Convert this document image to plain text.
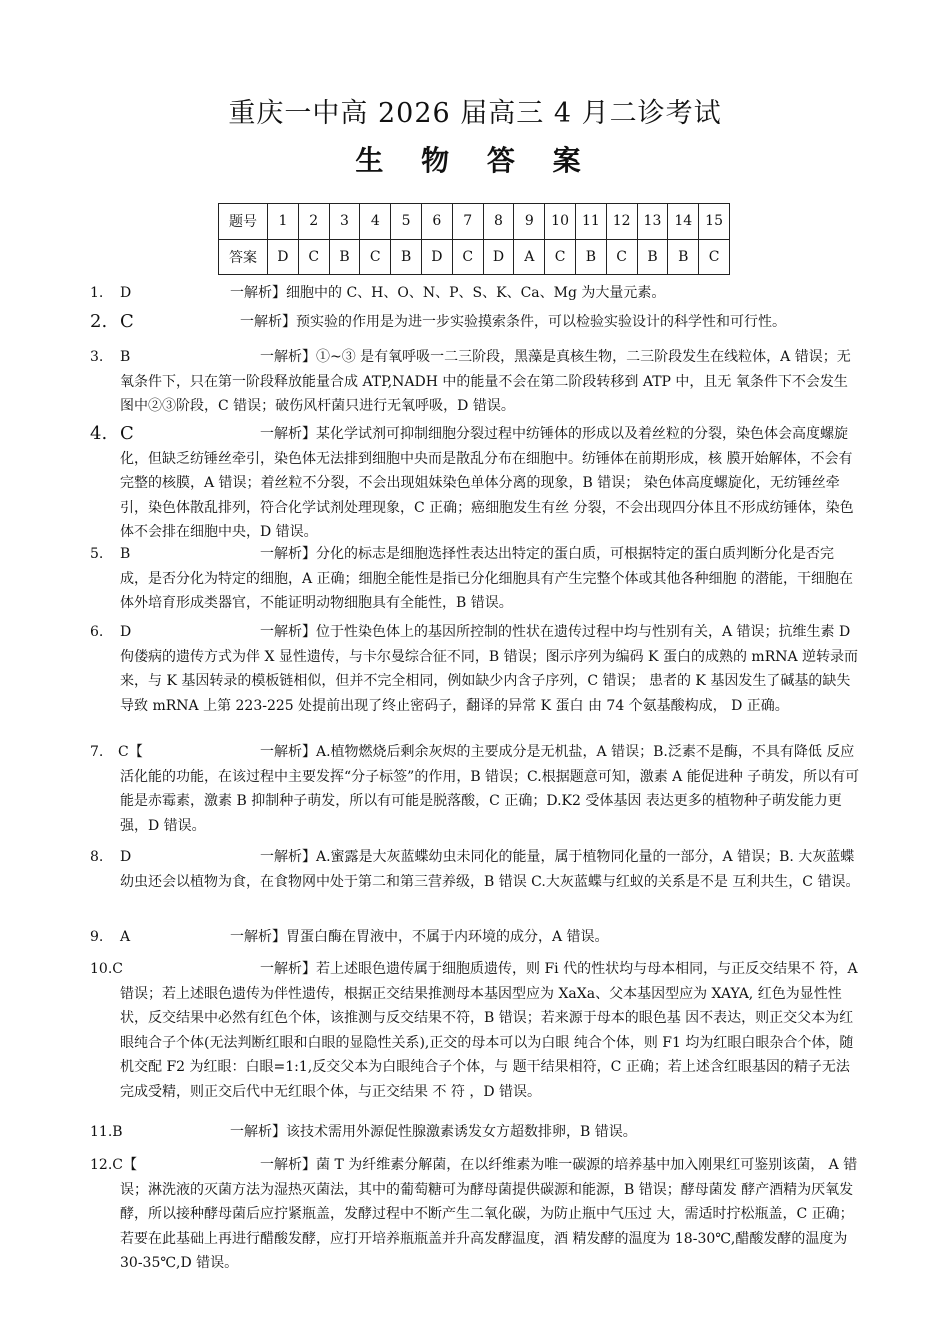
重庆一中高 2026 届高三 4 月二诊考试
生 物 答 案
题号	1	2	3	4	5	6	7	8	9	10	11	12	13	14	15
答案	D	C	B	C	B	D	C	D	A	C	B	C	B	B	C
1. D	一解析】细胞中的 C、H、O、N、P、S、K、Ca、Mg 为大量元素。
2. C	一解析】预实验的作用是为进一步实验摸索条件，可以检验实验设计的科学性和可行性。
3. B	一解析】①~③ 是有氧呼吸一二三阶段，黑藻是真核生物，二三阶段发生在线粒体，A 错误；无氧条件下，只在第一阶段释放能量合成 ATP,NADH 中的能量不会在第二阶段转移到 ATP 中，且无 氧条件下不会发生图中②③阶段，C 错误；破伤风杆菌只进行无氧呼吸，D 错误。
4. C	一解析】某化学试剂可抑制细胞分裂过程中纺锤体的形成以及着丝粒的分裂，染色体会高度螺旋化，但缺乏纺锤丝牵引，染色体无法排到细胞中央而是散乱分布在细胞中。纺锤体在前期形成，核 膜开始解体，不会有完整的核膜，A 错误；着丝粒不分裂，不会出现姐妹染色单体分离的现象，B 错误； 染色体高度螺旋化，无纺锤丝牵引，染色体散乱排列，符合化学试剂处理现象，C 正确；癌细胞发生有丝 分裂，不会出现四分体且不形成纺锤体，染色体不会排在细胞中央，D 错误。
5. B	一解析】分化的标志是细胞选择性表达出特定的蛋白质，可根据特定的蛋白质判断分化是否完成，是否分化为特定的细胞，A 正确；细胞全能性是指已分化细胞具有产生完整个体或其他各种细胞 的潜能，干细胞在体外培育形成类器官，不能证明动物细胞具有全能性，B 错误。
6. D	一解析】位于性染色体上的基因所控制的性状在遗传过程中均与性别有关，A 错误；抗维生素 D 佝偻病的遗传方式为伴 X 显性遗传，与卡尔曼综合征不同，B 错误；图示序列为编码 K 蛋白的成熟的 mRNA 逆转录而来，与 K 基因转录的模板链相似，但并不完全相同，例如缺少内含子序列，C 错误； 患者的 K 基因发生了碱基的缺失导致 mRNA 上第 223-225 处提前出现了终止密码子，翻译的异常 K 蛋白 由 74 个氨基酸构成， D 正确。
7. C【	一解析】A.植物燃烧后剩余灰烬的主要成分是无机盐，A 错误；B.泛素不是酶，不具有降低 反应活化能的功能，在该过程中主要发挥“分子标签”的作用，B 错误；C.根据题意可知，激素 A 能促进种 子萌发，所以有可能是赤霉素，激素 B 抑制种子萌发，所以有可能是脱落酸，C 正确；D.K2 受体基因 表达更多的植物种子萌发能力更强，D 错误。
8. D	一解析】A.蜜露是大灰蓝蝶幼虫未同化的能量，属于植物同化量的一部分，A 错误；B. 大灰蓝蝶幼虫还会以植物为食，在食物网中处于第二和第三营养级，B 错误 C.大灰蓝蝶与红蚁的关系是不是 互利共生，C 错误。
9. A	一解析】胃蛋白酶在胃液中，不属于内环境的成分，A 错误。
10.C	一解析】若上述眼色遗传属于细胞质遗传，则 Fi 代的性状均与母本相同，与正反交结果不 符，A 错误；若上述眼色遗传为伴性遗传，根据正交结果推测母本基因型应为 XaXa、父本基因型应为 XAYA, 红色为显性性状，反交结果中必然有红色个体，该推测与反交结果不符，B 错误；若来源于母本的眼色基 因不表达，则正交父本为红眼纯合子个体(无法判断红眼和白眼的显隐性关系),正交的母本可以为白眼 纯合个体，则 F1 均为红眼白眼杂合个体，随机交配 F2 为红眼：白眼=1:1,反交父本为白眼纯合子个体，与 题干结果相符，C 正确；若上述含红眼基因的精子无法完成受精，则正交后代中无红眼个体，与正交结果 不 符 ，D 错误。
11.B	一解析】该技术需用外源促性腺激素诱发女方超数排卵，B 错误。
12.C【	一解析】菌 T 为纤维素分解菌，在以纤维素为唯一碳源的培养基中加入刚果红可鉴别该菌， A 错误；淋洗液的灭菌方法为湿热灭菌法，其中的葡萄糖可为酵母菌提供碳源和能源，B 错误；酵母菌发 酵产酒精为厌氧发酵，所以接种酵母菌后应拧紧瓶盖，发酵过程中不断产生二氧化碳，为防止瓶中气压过 大，需适时拧松瓶盖，C 正确；若要在此基础上再进行醋酸发酵，应打开培养瓶瓶盖并升高发酵温度，酒 精发酵的温度为 18-30℃,醋酸发酵的温度为 30-35℃,D 错误。
